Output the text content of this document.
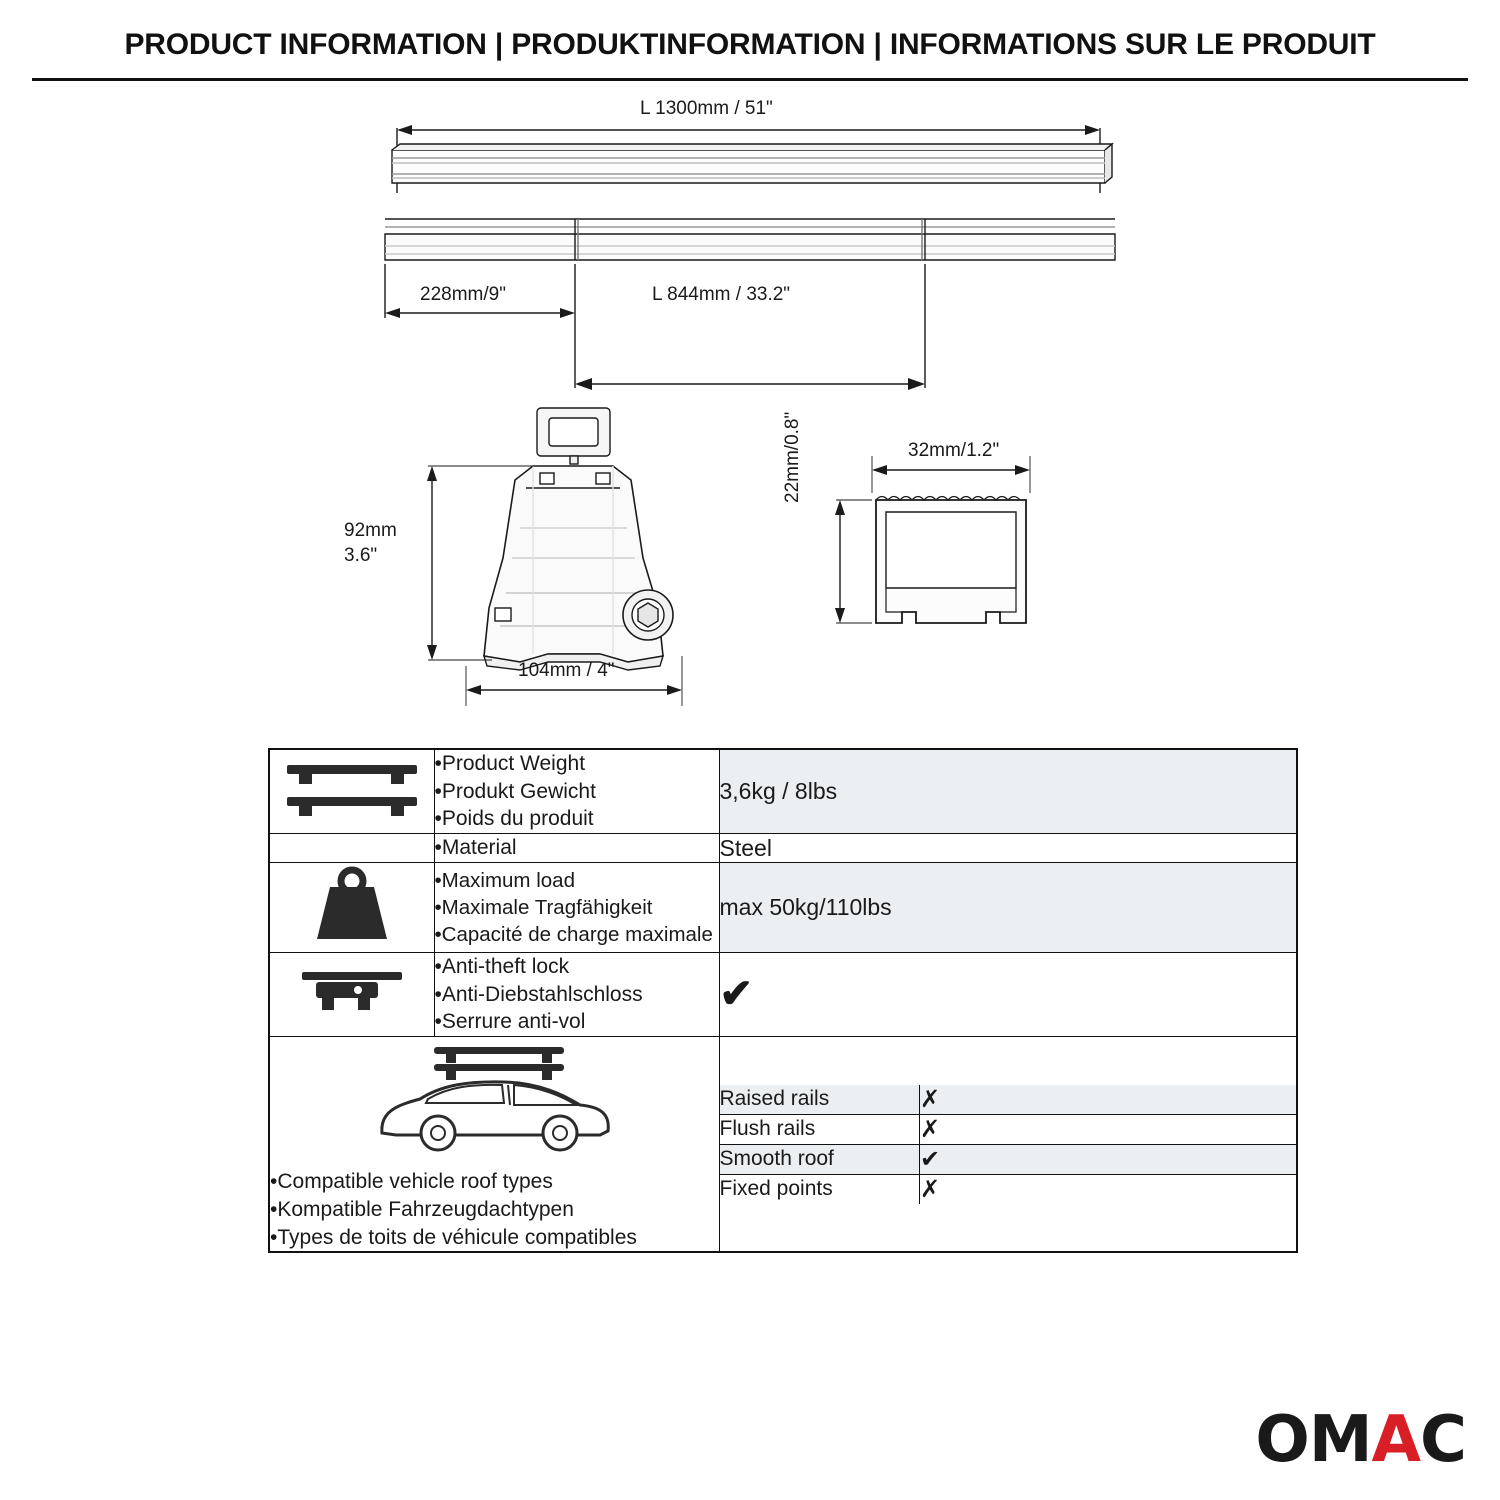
PRODUCT INFORMATION | PRODUKTINFORMATION | INFORMATIONS SUR LE PRODUIT
L 1300mm / 51"
228mm/9"	L 844mm / 33.2"
92mm
3.6"
104mm / 4"
32mm/1.2"
22mm/0.8"

•Product Weight
•Produkt Gewicht
•Poids du produit
	3,6kg / 8lbs

•Material	Steel

•Maximum load
•Maximale Tragfähigkeit
•Capacité de charge maximale
	max 50kg/110lbs

•Anti-theft lock
•Anti-Diebstahlschloss
•Serrure anti-vol
	✔

•Compatible vehicle roof types
•Kompatible Fahrzeugdachtypen
•Types de toits de véhicule compatibles

Raised rails	✗
Flush rails	✗
Smooth roof	✔
Fixed points	✗
OMAC
